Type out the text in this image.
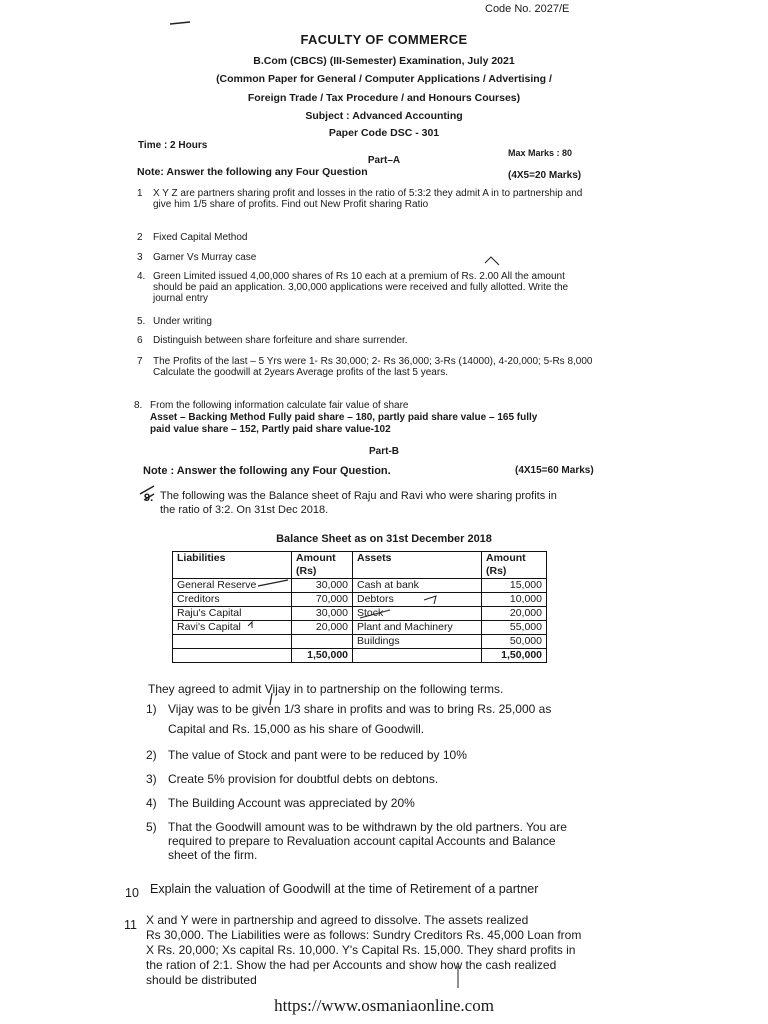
Code No. 2027/E
FACULTY OF COMMERCE
B.Com (CBCS) (III-Semester) Examination, July 2021
(Common Paper for General / Computer Applications / Advertising /
Foreign Trade / Tax Procedure / and Honours Courses)
Subject : Advanced Accounting
Paper Code DSC - 301
Time : 2 Hours
Max Marks : 80
Part–A
Note: Answer the following any Four Question	(4X5=20 Marks)
1 X Y Z are partners sharing profit and losses in the ratio of 5:3:2 they admit A in to partnership and give him 1/5 share of profits. Find out New Profit sharing Ratio
2 Fixed Capital Method
3 Garner Vs Murray case
4. Green Limited issued 4,00,000 shares of Rs 10 each at a premium of Rs. 2.00 All the amount should be paid an application. 3,00,000 applications were received and fully allotted. Write the journal entry
5. Under writing
6 Distinguish between share forfeiture and share surrender.
7 The Profits of the last – 5 Yrs were 1- Rs 30,000; 2- Rs 36,000; 3-Rs (14000), 4-20,000; 5-Rs 8,000 Calculate the goodwill at 2years Average profits of the last 5 years.
8. From the following information calculate fair value of share
Asset – Backing Method Fully paid share – 180, partly paid share value – 165 fully
paid value share – 152, Partly paid share value-102
Part-B
Note : Answer the following any Four Question.	(4X15=60 Marks)
9. The following was the Balance sheet of Raju and Ravi who were sharing profits in
the ratio of 3:2. On 31st Dec 2018.
Balance Sheet as on 31st December 2018
Liabilities	Amount (Rs)	Assets	Amount (Rs)
General Reserve	30,000	Cash at bank	15,000
Creditors	70,000	Debtors	10,000
Raju's Capital	30,000	Stock	20,000
Ravi's Capital	20,000	Plant and Machinery	55,000
		Buildings	50,000
	1,50,000		1,50,000
They agreed to admit Vijay in to partnership on the following terms.
1) Vijay was to be given 1/3 share in profits and was to bring Rs. 25,000 as
Capital and Rs. 15,000 as his share of Goodwill.
2) The value of Stock and pant were to be reduced by 10%
3) Create 5% provision for doubtful debts on debtons.
4) The Building Account was appreciated by 20%
5) That the Goodwill amount was to be withdrawn by the old partners. You are
required to prepare to Revaluation account capital Accounts and Balance
sheet of the firm.
10 Explain the valuation of Goodwill at the time of Retirement of a partner
11 X and Y were in partnership and agreed to dissolve. The assets realized
Rs 30,000. The Liabilities were as follows: Sundry Creditors Rs. 45,000 Loan from
X Rs. 20,000; Xs capital Rs. 10,000. Y's Capital Rs. 15,000. They shard profits in
the ration of 2:1. Show the had per Accounts and show how the cash realized
should be distributed
https://www.osmaniaonline.com
